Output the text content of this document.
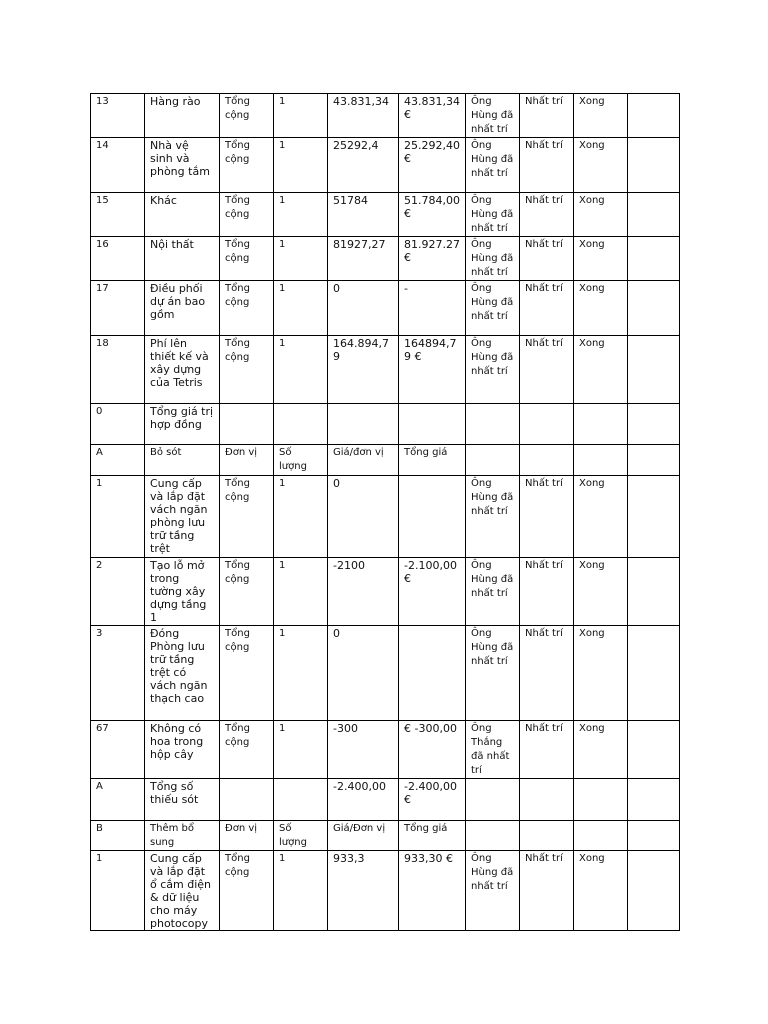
13	Hàng rào	Tổng cộng	1	43.831,34	43.831,34 €	Ông Hùng đã nhất trí	Nhất trí	Xong	
14	Nhà vệ sinh và phòng tắm	Tổng cộng	1	25292,4	25.292,40 €	Ông Hùng đã nhất trí	Nhất trí	Xong	
15	Khác	Tổng cộng	1	51784	51.784,00 €	Ông Hùng đã nhất trí	Nhất trí	Xong	
16	Nội thất	Tổng cộng	1	81927,27	81.927.27 €	Ông Hùng đã nhất trí	Nhất trí	Xong	
17	Điều phối dự án bao gồm	Tổng cộng	1	0	-	Ông Hùng đã nhất trí	Nhất trí	Xong	
18	Phí lên thiết kế và xây dựng của Tetris	Tổng cộng	1	164.894,79	164894,79 €	Ông Hùng đã nhất trí	Nhất trí	Xong	
0	Tổng giá trị hợp đồng								
A	Bỏ sót	Đơn vị	Số lượng	Giá/đơn vị	Tổng giá				
1	Cung cấp và lắp đặt vách ngăn phòng lưu trữ tầng trệt	Tổng cộng	1	0		Ông Hùng đã nhất trí	Nhất trí	Xong	
2	Tạo lỗ mở trong tường xây dựng tầng 1	Tổng cộng	1	-2100	-2.100,00 €	Ông Hùng đã nhất trí	Nhất trí	Xong	
3	Đóng Phòng lưu trữ tầng trệt có vách ngăn thạch cao	Tổng cộng	1	0		Ông Hùng đã nhất trí	Nhất trí	Xong	
67	Không có hoa trong hộp cây	Tổng cộng	1	-300	€ -300,00	Ông Thắng đã nhất trí	Nhất trí	Xong	
A	Tổng số thiếu sót			-2.400,00	-2.400,00 €				
B	Thêm bổ sung	Đơn vị	Số lượng	Giá/Đơn vị	Tổng giá				
1	Cung cấp và lắp đặt ổ cắm điện & dữ liệu cho máy photocopy	Tổng cộng	1	933,3	933,30 €	Ông Hùng đã nhất trí	Nhất trí	Xong	
